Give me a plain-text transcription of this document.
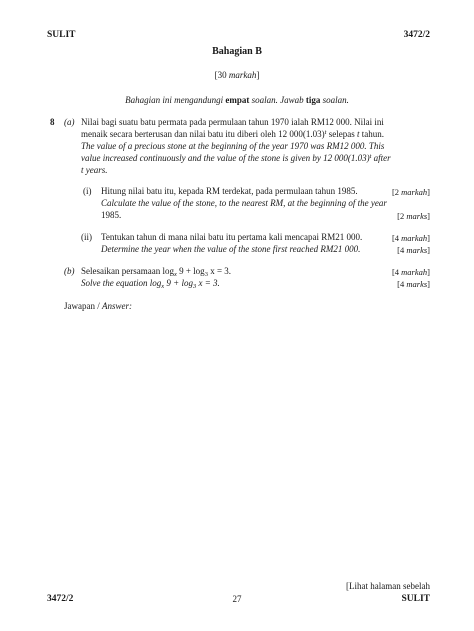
SULIT	3472/2
Bahagian B
[30 markah]
Bahagian ini mengandungi empat soalan. Jawab tiga soalan.
8 (a) Nilai bagi suatu batu permata pada permulaan tahun 1970 ialah RM12 000. Nilai ini
menaik secara berterusan dan nilai batu itu diberi oleh 12 $000(1.03)^t$ selepas t tahun.
The value of a precious stone at the beginning of the year 1970 was RM12 000. This
value increased continuously and the value of the stone is given by 12 $000(1.03)^t$ after
t years.
(i) Hitung nilai batu itu, kepada RM terdekat, pada permulaan tahun 1985.	[2 markah]
Calculate the value of the stone, to the nearest RM, at the beginning of the year
1985.	[2 marks]
(ii) Tentukan tahun di mana nilai batu itu pertama kali mencapai RM21 000.	[4 markah]
Determine the year when the value of the stone first reached RM21 000.	[4 marks]
(b) Selesaikan persamaan $\log_x 9 + \log_3 x = 3$.	[4 markah]
Solve the equation $\log_x 9 + \log_3 x = 3$.	[4 marks]
Jawapan / Answer:
[Lihat halaman sebelah
3472/2	27	SULIT
